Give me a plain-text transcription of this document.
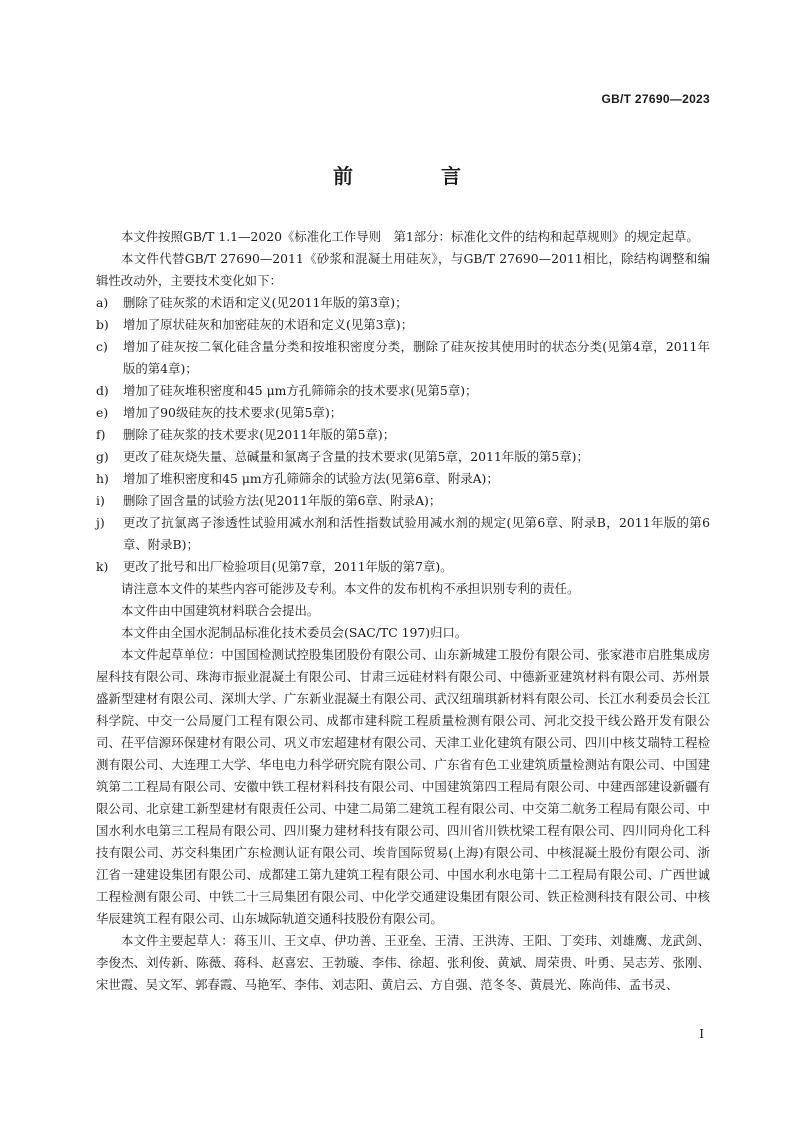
GB/T 27690—2023
前　言

本文件按照GB/T 1.1—2020《标准化工作导则　第1部分：标准化文件的结构和起草规则》的规定起草。

本文件代替GB/T 27690—2011《砂浆和混凝土用硅灰》，与GB/T 27690—2011相比，除结构调整和编辑性改动外，主要技术变化如下：

a) 删除了硅灰浆的术语和定义(见2011年版的第3章)；
b) 增加了原状硅灰和加密硅灰的术语和定义(见第3章)；
c) 增加了硅灰按二氧化硅含量分类和按堆积密度分类，删除了硅灰按其使用时的状态分类(见第4章，2011年版的第4章)；
d) 增加了硅灰堆积密度和45 μm方孔筛筛余的技术要求(见第5章)；
e) 增加了90级硅灰的技术要求(见第5章)；
f) 删除了硅灰浆的技术要求(见2011年版的第5章)；
g) 更改了硅灰烧失量、总碱量和氯离子含量的技术要求(见第5章，2011年版的第5章)；
h) 增加了堆积密度和45 μm方孔筛筛余的试验方法(见第6章、附录A)；
i) 删除了固含量的试验方法(见2011年版的第6章、附录A)；
j) 更改了抗氯离子渗透性试验用减水剂和活性指数试验用减水剂的规定(见第6章、附录B，2011年版的第6章、附录B)；
k) 更改了批号和出厂检验项目(见第7章，2011年版的第7章)。

请注意本文件的某些内容可能涉及专利。本文件的发布机构不承担识别专利的责任。

本文件由中国建筑材料联合会提出。

本文件由全国水泥制品标准化技术委员会(SAC/TC 197)归口。

本文件起草单位：中国国检测试控股集团股份有限公司、山东新城建工股份有限公司、张家港市启胜集成房屋科技有限公司、珠海市振业混凝土有限公司、甘肃三远硅材料有限公司、中德新亚建筑材料有限公司、苏州景盛新型建材有限公司、深圳大学、广东新业混凝土有限公司、武汉纽瑞琪新材料有限公司、长江水利委员会长江科学院、中交一公局厦门工程有限公司、成都市建科院工程质量检测有限公司、河北交投干线公路开发有限公司、茌平信源环保建材有限公司、巩义市宏超建材有限公司、天津工业化建筑有限公司、四川中核艾瑞特工程检测有限公司、大连理工大学、华电电力科学研究院有限公司、广东省有色工业建筑质量检测站有限公司、中国建筑第二工程局有限公司、安徽中铁工程材料科技有限公司、中国建筑第四工程局有限公司、中建西部建设新疆有限公司、北京建工新型建材有限责任公司、中建二局第二建筑工程有限公司、中交第二航务工程局有限公司、中国水利水电第三工程局有限公司、四川聚力建材科技有限公司、四川省川铁枕梁工程有限公司、四川同舟化工科技有限公司、苏交科集团广东检测认证有限公司、埃肯国际贸易(上海)有限公司、中核混凝土股份有限公司、浙江省一建建设集团有限公司、成都建工第九建筑工程有限公司、中国水利水电第十二工程局有限公司、广西世诚工程检测有限公司、中铁二十三局集团有限公司、中化学交通建设集团有限公司、铁正检测科技有限公司、中核华辰建筑工程有限公司、山东城际轨道交通科技股份有限公司。

本文件主要起草人：蒋玉川、王文卓、伊功善、王亚垒、王清、王洪涛、王阳、丁奕玮、刘雄鹰、龙武剑、李俊杰、刘传新、陈薇、蒋科、赵喜宏、王勃璇、李伟、徐超、张利俊、黄斌、周荣贵、叶勇、吴志芳、张刚、宋世霞、吴文军、郭春霞、马艳军、李伟、刘志阳、黄启云、方自强、范冬冬、黄晨光、陈尚伟、孟书灵、

I
